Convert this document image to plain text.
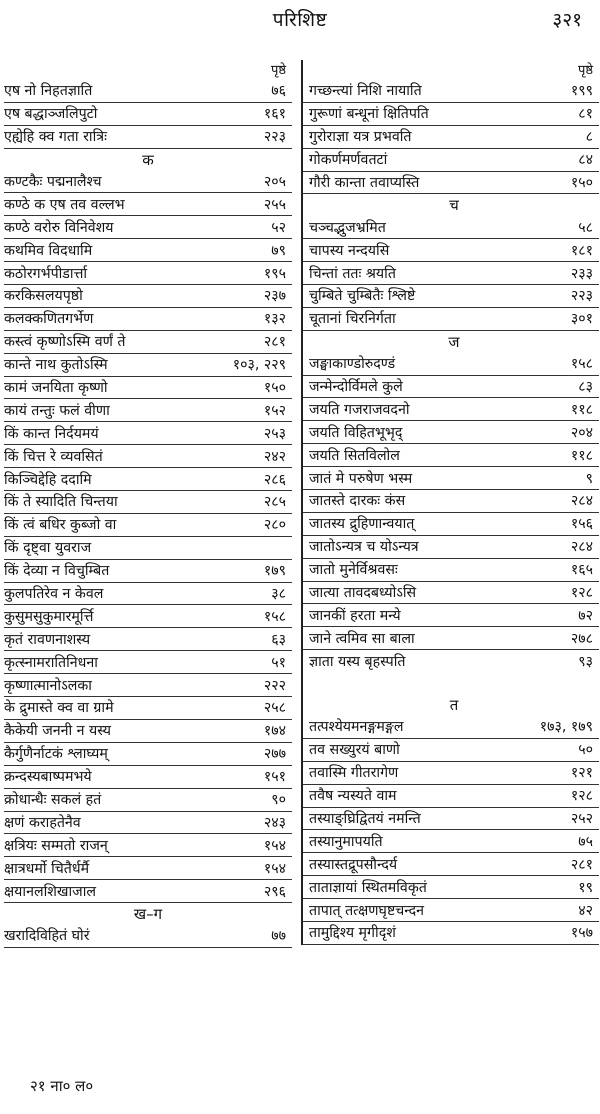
परिशिष्ट	३२१
पृष्ठे
एष नो निहतज्ञाति	७६
एष बद्धाञ्जलिपुटो	१६१
एह्येहि क्व गता रात्रिः	२२३
क
कण्टकैः पद्मनालैश्च	२०५
कण्ठे क एष तव वल्लभ	२५५
कण्ठे वरोरु विनिवेशय	५२
कथमिव विदधामि	७९
कठोरगर्भपीडार्त्ता	१९५
करकिसलयपृष्ठो	२३७
कलक्कणितगर्भेण	१३२
कस्त्वं कृष्णोऽस्मि वर्णं ते	२८१
कान्ते नाथ कुतोऽस्मि	१०३, २२९
कामं जनयिता कृष्णो	१५०
कायं तन्तुः फलं वीणा	१५२
किं कान्त निर्दयमयं	२५३
किं चित्त रे व्यवसितं	२४२
किञ्चिद्देहि ददामि	२८६
किं ते स्यादिति चिन्तया	२८५
किं त्वं बधिर कुब्जो वा	२८०
किं दृष्ट्वा युवराज
किं देव्या न विचुम्बित	१७९
कुलपतिरेव न केवल	३८
कुसुमसुकुमारमूर्त्ति	१५८
कृतं रावणनाशस्य	६३
कृत्स्नामरातिनिधना	५१
कृष्णात्मानोऽलका	२२२
के द्रुमास्ते क्व वा ग्रामे	२५८
कैकेयी जननी न यस्य	१७४
कैर्गुणैर्नाटकं श्लाघ्यम्	२७७
क्रन्दस्यबाष्पमभये	१५१
क्रोधान्धैः सकलं हतं	९०
क्षणं कराहतेनैव	२४३
क्षत्रियः सम्मतो राजन्	१५४
क्षात्रधर्मो चितैर्धर्मै	१५४
क्षयानलशिखाजाल	२९६
ख–ग
खरादिविहितं घोरं	७७
पृष्ठे
गच्छन्त्यां निशि नायाति	१९९
गुरूणां बन्धूनां क्षितिपति	८१
गुरोराज्ञा यत्र प्रभवति	८
गोकर्णमर्णवतटां	८४
गौरी कान्ता तवाप्यस्ति	१५०
च
चञ्चद्भुजभ्रमित	५८
चापस्य नन्दयसि	१८१
चिन्तां ततः श्रयति	२३३
चुम्बिते चुम्बितैः श्लिष्टे	२२३
चूतानां चिरनिर्गता	३०१
ज
जङ्घाकाण्डोरुदण्डं	१५८
जन्मेन्दोर्विमले कुले	८३
जयति गजराजवदनो	११८
जयति विहितभूभृद्	२०४
जयति सितविलोल	११८
जातं मे परुषेण भस्म	९
जातस्ते दारकः कंस	२८४
जातस्य द्रुहिणान्वयात्	१५६
जातोऽन्यत्र च योऽन्यत्र	२८४
जातो मुनेर्विश्रवसः	१६५
जात्या तावदबध्योऽसि	१२८
जानकीं हरता मन्ये	७२
जाने त्वमिव सा बाला	२७८
ज्ञाता यस्य बृहस्पति	९३
त
तत्पश्येयमनङ्गमङ्गल	१७३, १७९
तव सख्युरयं बाणो	५०
तवास्मि गीतरागेण	१२१
तवैष न्यस्यते वाम	१२८
तस्याङ्घ्रिद्वितयं नमन्ति	२५२
तस्यानुमापयति	७५
तस्यास्तद्रूपसौन्दर्य	२८१
ताताज्ञायां स्थितमविकृतं	१९
तापात् तत्क्षणघृष्टचन्दन	४२
तामुद्दिश्य मृगीदृशं	१५७
२१ ना० ल०
